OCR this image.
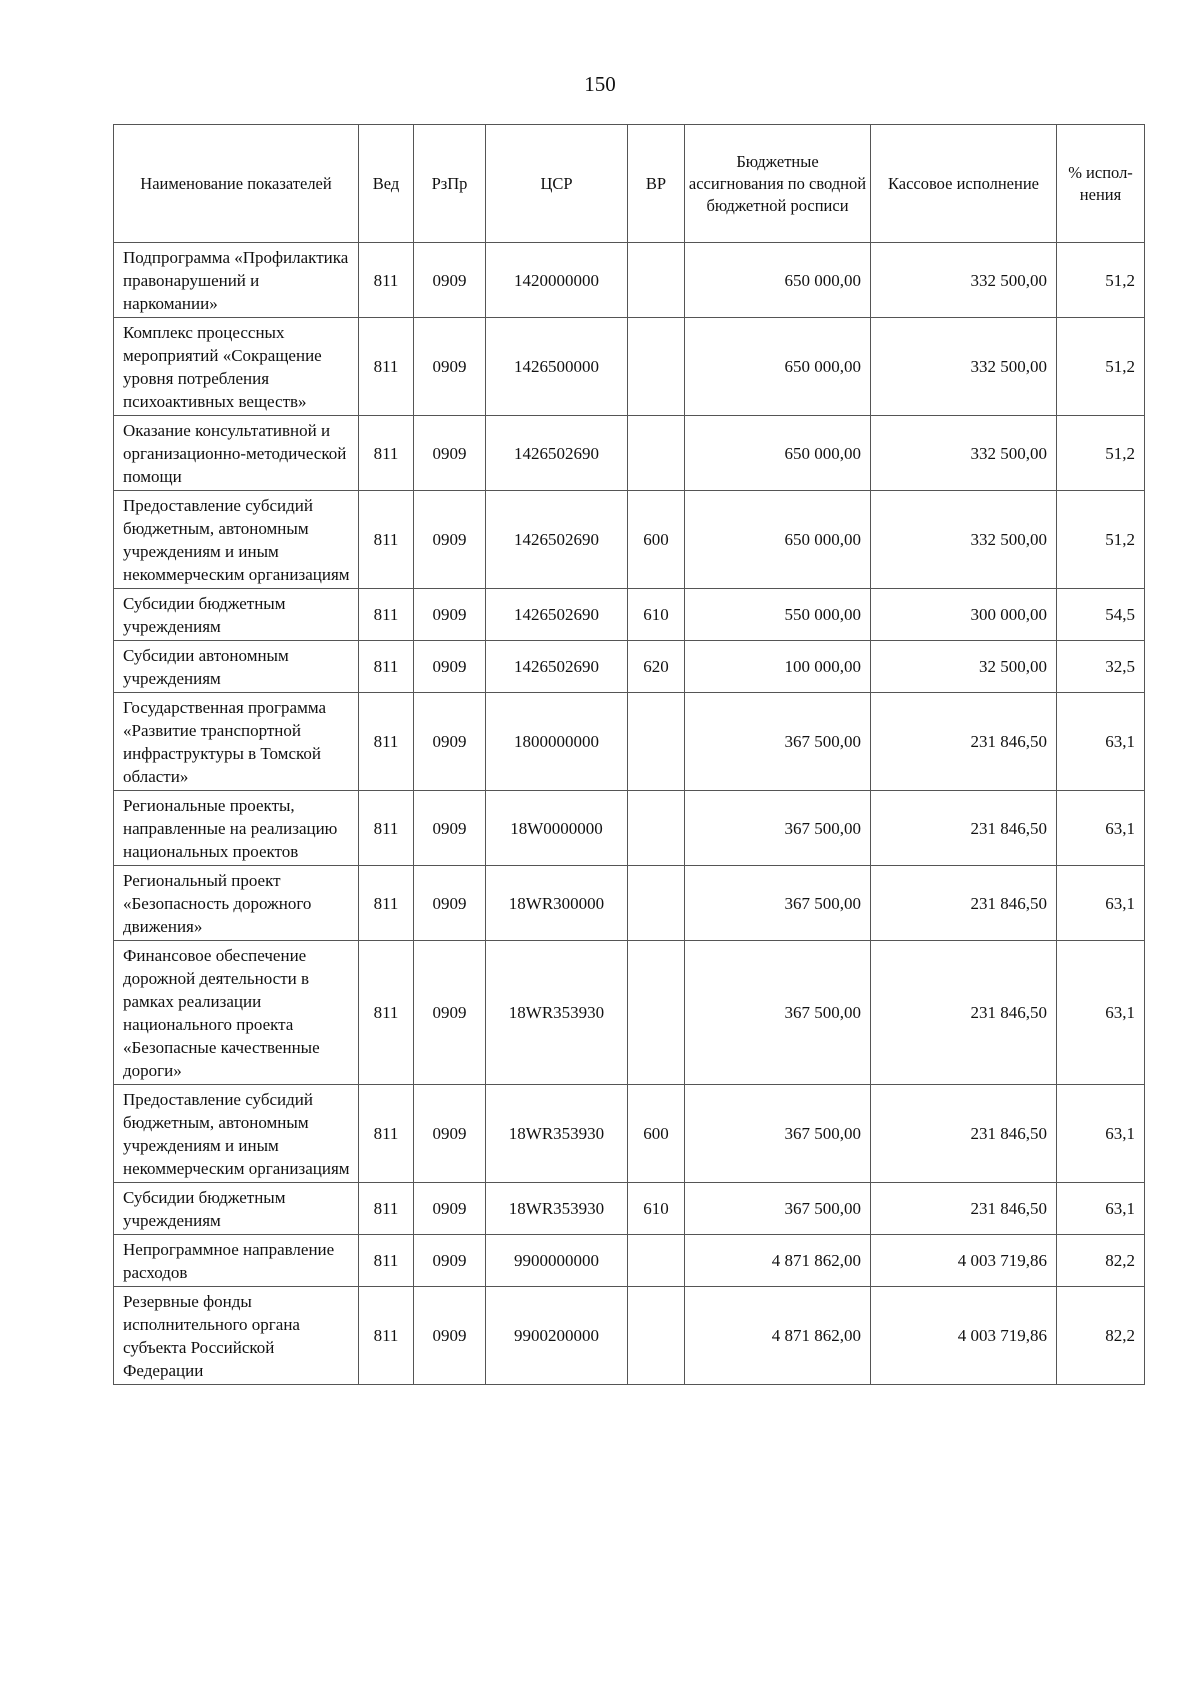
150
Наименование показателей	Вед	РзПр	ЦСР	ВР	Бюджетные ассигнования по сводной бюджетной росписи	Кассовое исполнение	% испол-нения
Подпрограмма «Профилактика правонарушений и наркомании»	811	0909	1420000000		650 000,00	332 500,00	51,2
Комплекс процессных мероприятий «Сокращение уровня потребления психоактивных веществ»	811	0909	1426500000		650 000,00	332 500,00	51,2
Оказание консультативной и организационно-методической помощи	811	0909	1426502690		650 000,00	332 500,00	51,2
Предоставление субсидий бюджетным, автономным учреждениям и иным некоммерческим организациям	811	0909	1426502690	600	650 000,00	332 500,00	51,2
Субсидии бюджетным учреждениям	811	0909	1426502690	610	550 000,00	300 000,00	54,5
Субсидии автономным учреждениям	811	0909	1426502690	620	100 000,00	32 500,00	32,5
Государственная программа «Развитие транспортной инфраструктуры в Томской области»	811	0909	1800000000		367 500,00	231 846,50	63,1
Региональные проекты, направленные на реализацию национальных проектов	811	0909	18W0000000		367 500,00	231 846,50	63,1
Региональный проект «Безопасность дорожного движения»	811	0909	18WR300000		367 500,00	231 846,50	63,1
Финансовое обеспечение дорожной деятельности в рамках реализации национального проекта «Безопасные качественные дороги»	811	0909	18WR353930		367 500,00	231 846,50	63,1
Предоставление субсидий бюджетным, автономным учреждениям и иным некоммерческим организациям	811	0909	18WR353930	600	367 500,00	231 846,50	63,1
Субсидии бюджетным учреждениям	811	0909	18WR353930	610	367 500,00	231 846,50	63,1
Непрограммное направление расходов	811	0909	9900000000		4 871 862,00	4 003 719,86	82,2
Резервные фонды исполнительного органа субъекта Российской Федерации	811	0909	9900200000		4 871 862,00	4 003 719,86	82,2
